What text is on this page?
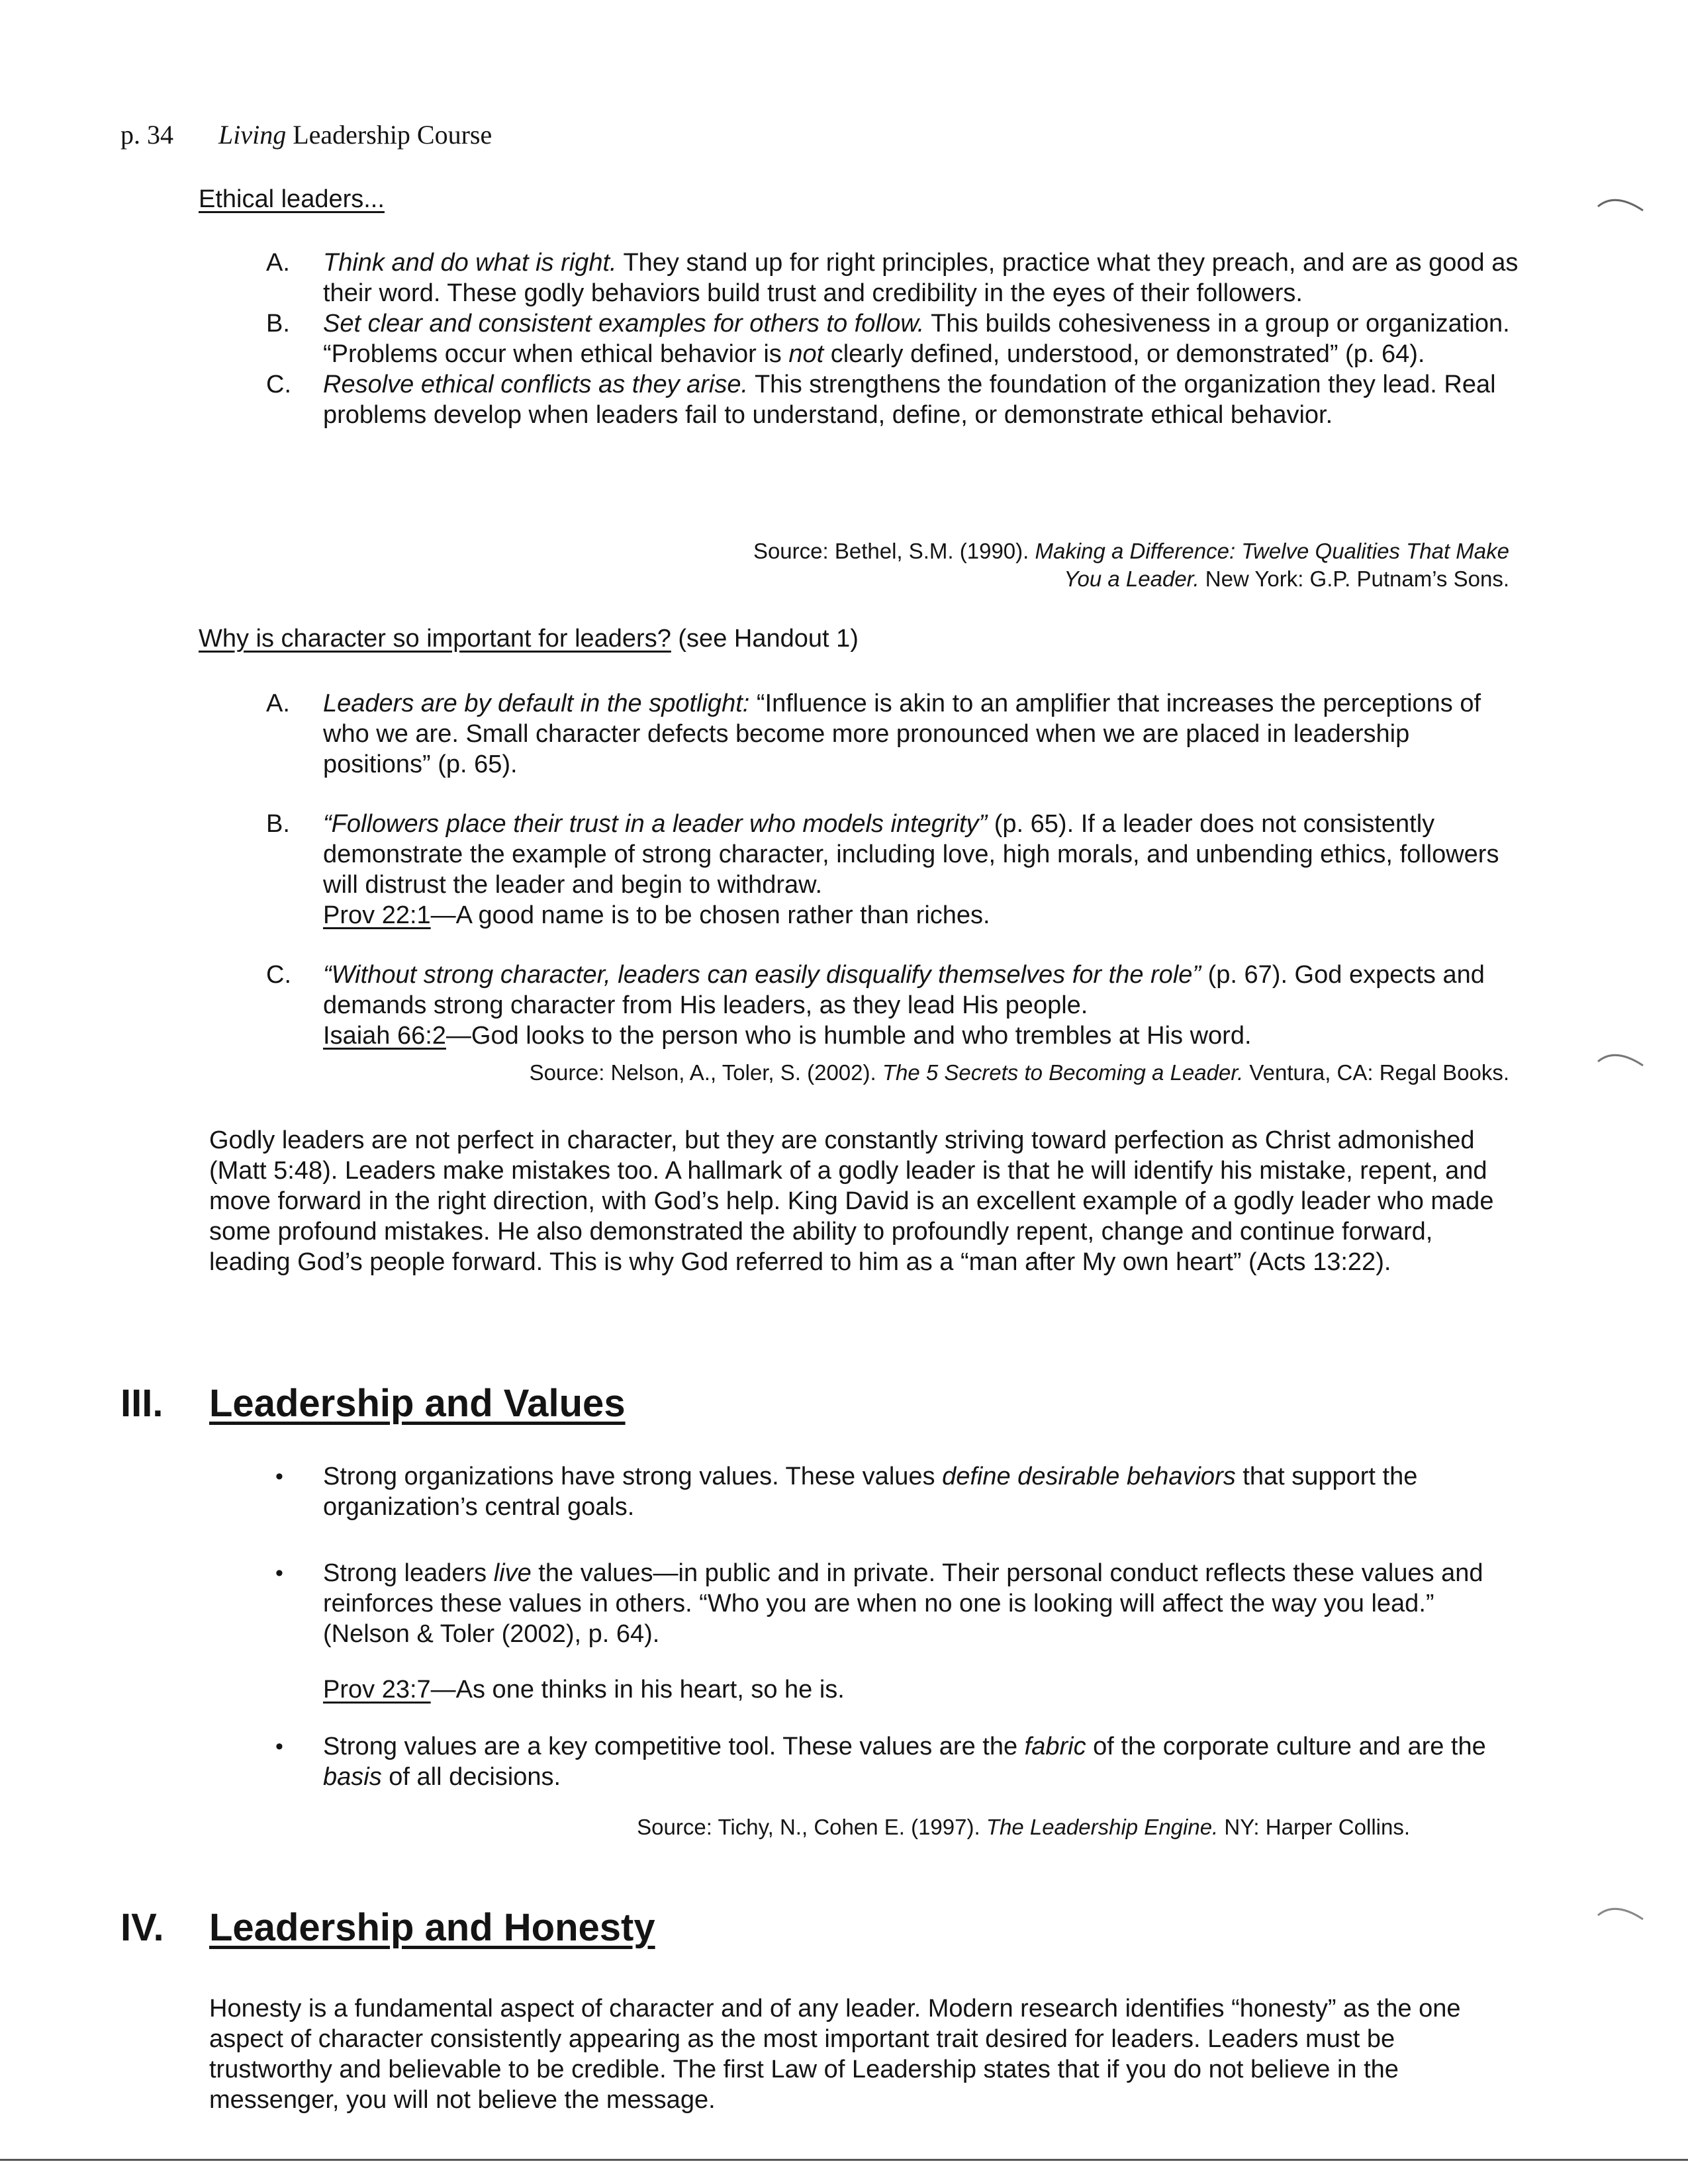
p. 34 Living Leadership Course
Ethical leaders...
A. Think and do what is right. They stand up for right principles, practice what they preach, and are as good as their word. These godly behaviors build trust and credibility in the eyes of their followers.
B. Set clear and consistent examples for others to follow. This builds cohesiveness in a group or organization. “Problems occur when ethical behavior is not clearly defined, understood, or demonstrated” (p. 64).
C. Resolve ethical conflicts as they arise. This strengthens the foundation of the organization they lead. Real problems develop when leaders fail to understand, define, or demonstrate ethical behavior.
Source: Bethel, S.M. (1990). Making a Difference: Twelve Qualities That Make
You a Leader. New York: G.P. Putnam’s Sons.
Why is character so important for leaders? (see Handout 1)
A. Leaders are by default in the spotlight: “Influence is akin to an amplifier that increases the perceptions of who we are. Small character defects become more pronounced when we are placed in leadership positions” (p. 65).
B. “Followers place their trust in a leader who models integrity” (p. 65). If a leader does not consistently demonstrate the example of strong character, including love, high morals, and unbending ethics, followers will distrust the leader and begin to withdraw.
Prov 22:1—A good name is to be chosen rather than riches.
C. “Without strong character, leaders can easily disqualify themselves for the role” (p. 67). God expects and demands strong character from His leaders, as they lead His people.
Isaiah 66:2—God looks to the person who is humble and who trembles at His word.
Source: Nelson, A., Toler, S. (2002). The 5 Secrets to Becoming a Leader. Ventura, CA: Regal Books.

Godly leaders are not perfect in character, but they are constantly striving toward perfection as Christ admonished (Matt 5:48). Leaders make mistakes too. A hallmark of a godly leader is that he will identify his mistake, repent, and move forward in the right direction, with God’s help. King David is an excellent example of a godly leader who made some profound mistakes. He also demonstrated the ability to profoundly repent, change and continue forward, leading God’s people forward. This is why God referred to him as a “man after My own heart” (Acts 13:22).

III. Leadership and Values
• Strong organizations have strong values. These values define desirable behaviors that support the organization’s central goals.
• Strong leaders live the values—in public and in private. Their personal conduct reflects these values and reinforces these values in others. “Who you are when no one is looking will affect the way you lead.” (Nelson & Toler (2002), p. 64).
Prov 23:7—As one thinks in his heart, so he is.
• Strong values are a key competitive tool. These values are the fabric of the corporate culture and are the basis of all decisions.
Source: Tichy, N., Cohen E. (1997). The Leadership Engine. NY: Harper Collins.
IV. Leadership and Honesty

Honesty is a fundamental aspect of character and of any leader. Modern research identifies “honesty” as the one aspect of character consistently appearing as the most important trait desired for leaders. Leaders must be trustworthy and believable to be credible. The first Law of Leadership states that if you do not believe in the messenger, you will not believe the message.
